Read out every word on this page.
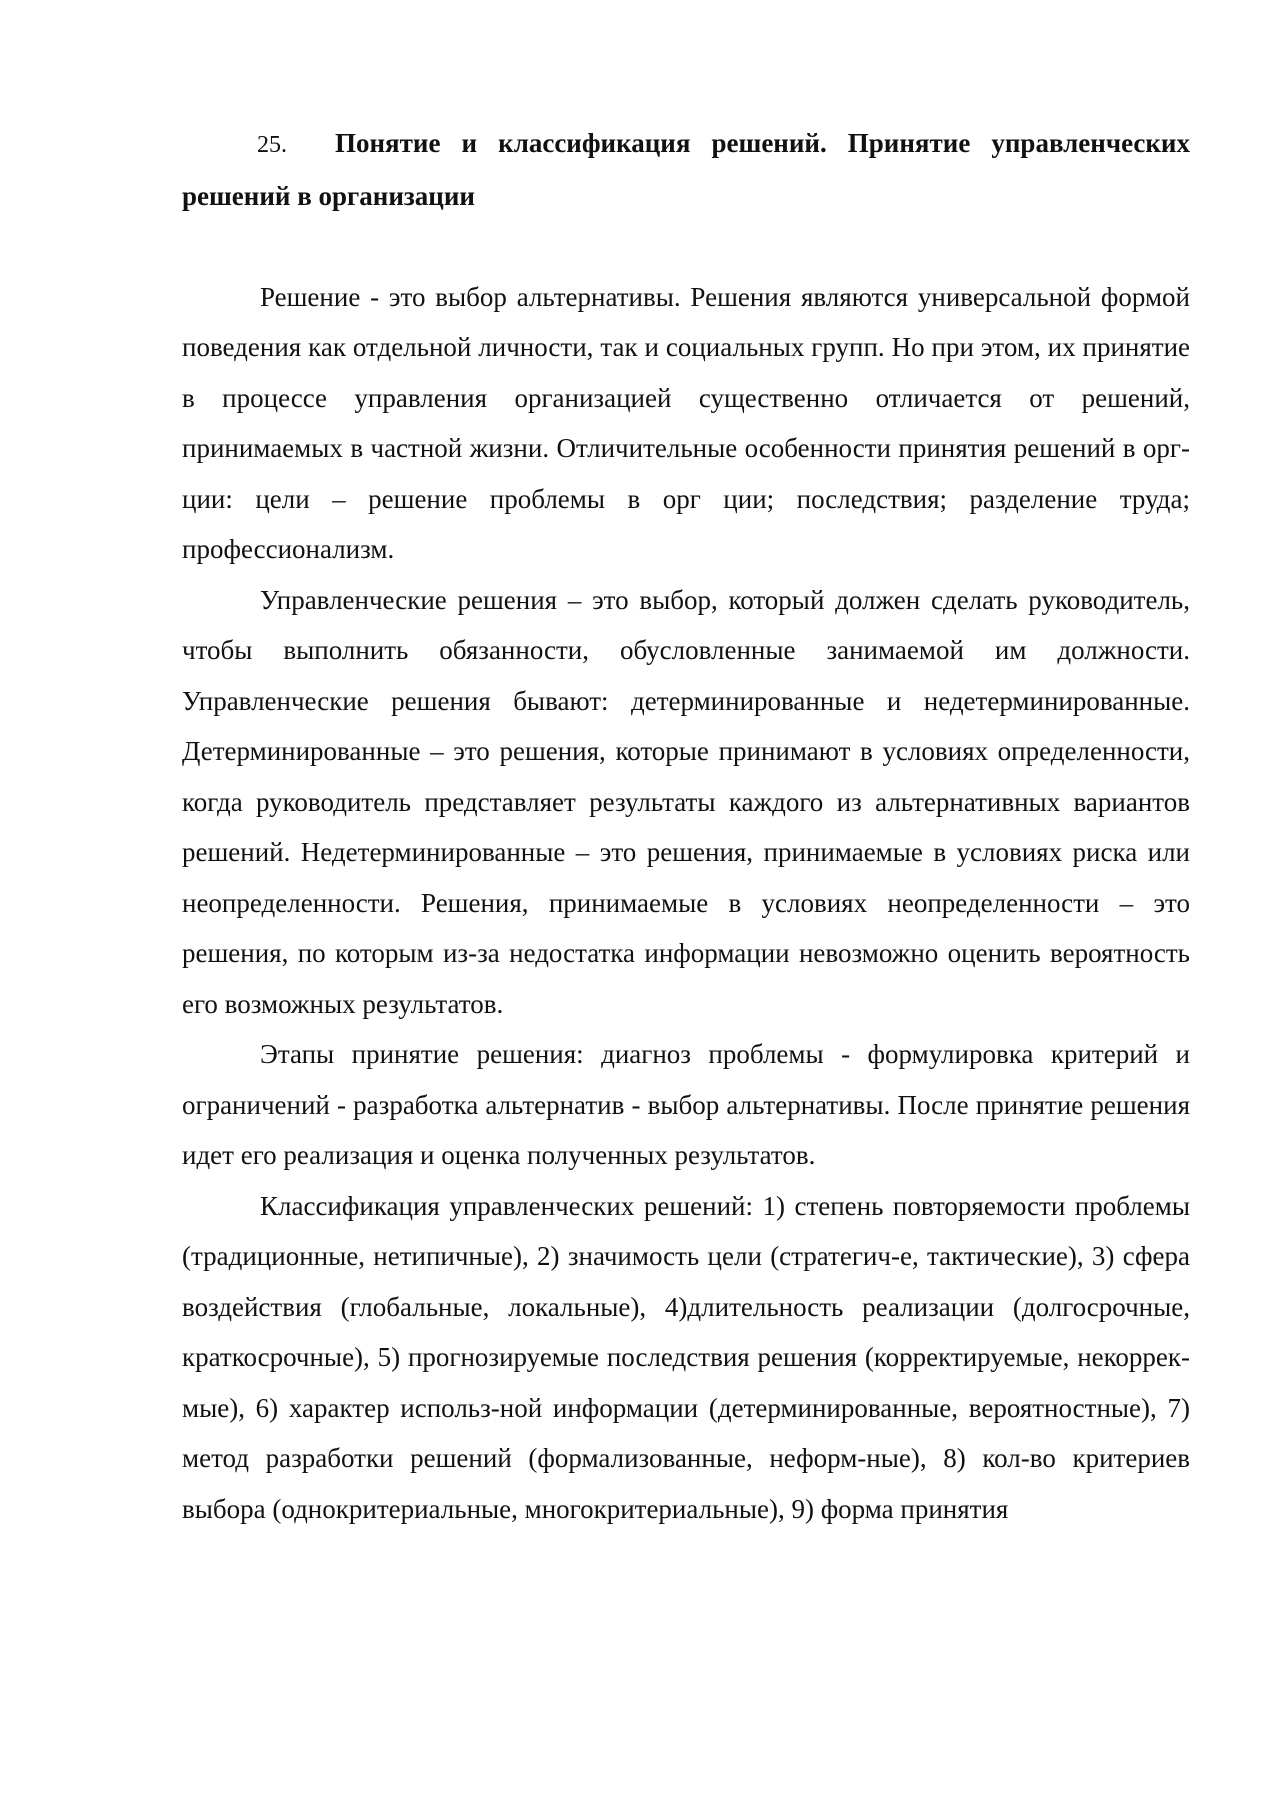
25. Понятие и классификация решений. Принятие управленческих решений в организации

Решение - это выбор альтернативы. Решения являются универсальной формой поведения как отдельной личности, так и социальных групп. Но при этом, их принятие в процессе управления организацией существенно отличается от решений, принимаемых в частной жизни. Отличительные особенности принятия решений в орг-ции: цели – решение проблемы в орг ции; последствия; разделение труда; профессионализм.

Управленческие решения – это выбор, который должен сделать руководитель, чтобы выполнить обязанности, обусловленные занимаемой им должности. Управленческие решения бывают: детерминированные и недетерминированные. Детерминированные – это решения, которые принимают в условиях определенности, когда руководитель представляет результаты каждого из альтернативных вариантов решений. Недетерминированные – это решения, принимаемые в условиях риска или неопределенности. Решения, принимаемые в условиях неопределенности – это решения, по которым из-за недостатка информации невозможно оценить вероятность его возможных результатов.

Этапы принятие решения: диагноз проблемы - формулировка критерий и ограничений - разработка альтернатив - выбор альтернативы. После принятие решения идет его реализация и оценка полученных результатов.

Классификация управленческих решений: 1) степень повторяемости проблемы (традиционные, нетипичные), 2) значимость цели (стратегич-е, тактические), 3) сфера воздействия (глобальные, локальные), 4)длительность реализации (долгосрочные, краткосрочные), 5) прогнозируемые последствия решения (корректируемые, некоррек-мые), 6) характер использ-ной информации (детерминированные, вероятностные), 7) метод разработки решений (формализованные, неформ-ные), 8) кол-во критериев выбора (однокритериальные, многокритериальные), 9) форма принятия
